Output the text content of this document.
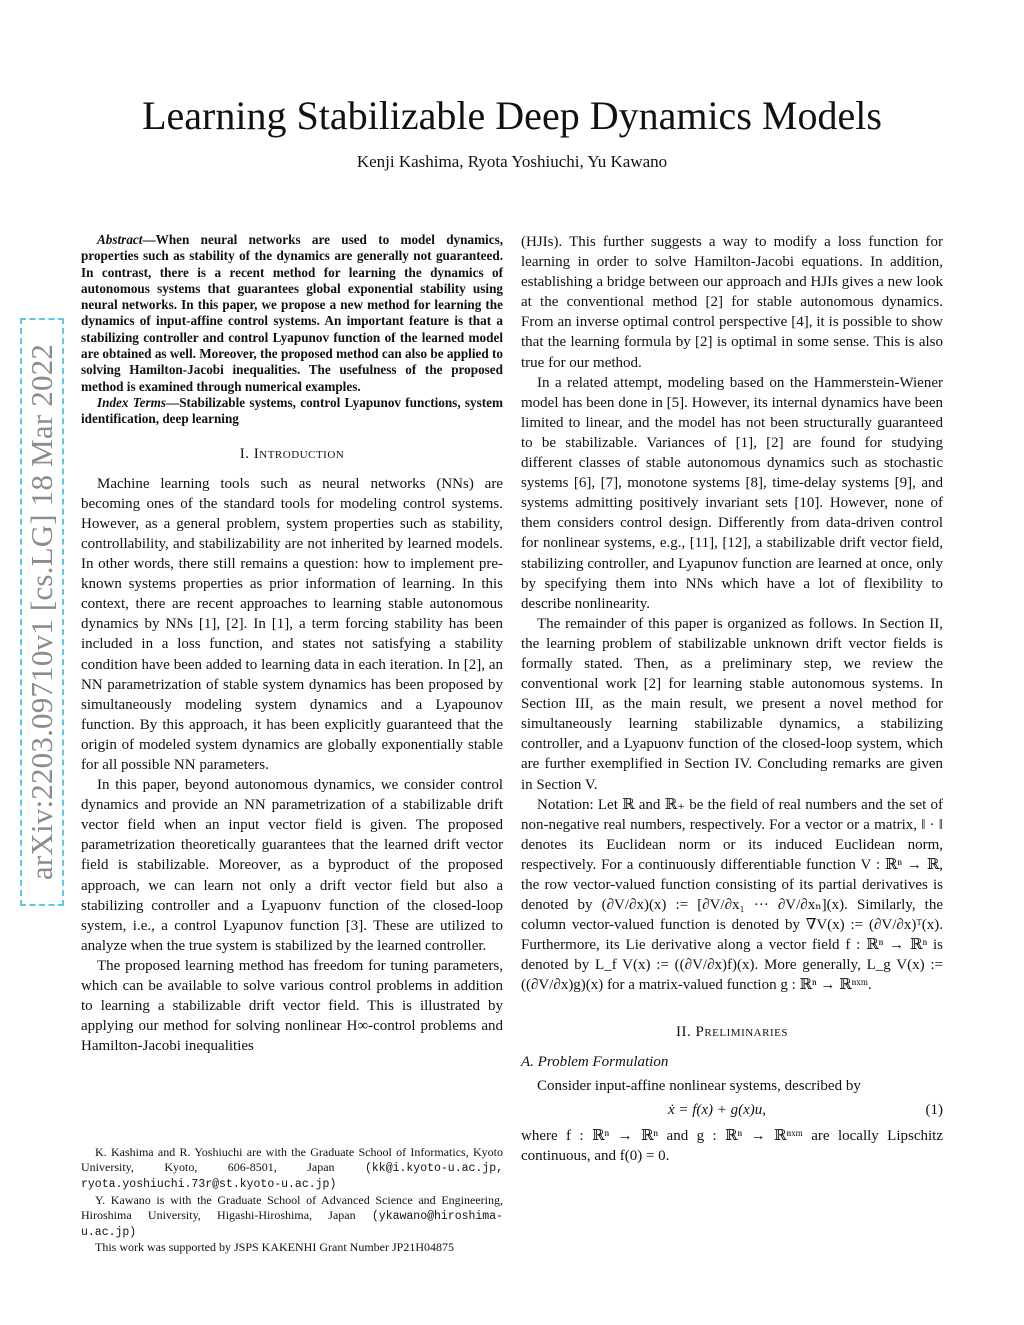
arXiv:2203.09710v1 [cs.LG] 18 Mar 2022
Learning Stabilizable Deep Dynamics Models
Kenji Kashima, Ryota Yoshiuchi, Yu Kawano

Abstract—When neural networks are used to model dynamics, properties such as stability of the dynamics are generally not guaranteed. In contrast, there is a recent method for learning the dynamics of autonomous systems that guarantees global exponential stability using neural networks. In this paper, we propose a new method for learning the dynamics of input-affine control systems. An important feature is that a stabilizing controller and control Lyapunov function of the learned model are obtained as well. Moreover, the proposed method can also be applied to solving Hamilton-Jacobi inequalities. The usefulness of the proposed method is examined through numerical examples.

Index Terms—Stabilizable systems, control Lyapunov functions, system identification, deep learning

I. Introduction

Machine learning tools such as neural networks (NNs) are becoming ones of the standard tools for modeling control systems. However, as a general problem, system properties such as stability, controllability, and stabilizability are not inherited by learned models. In other words, there still remains a question: how to implement pre-known systems properties as prior information of learning. In this context, there are recent approaches to learning stable autonomous dynamics by NNs [1], [2]. In [1], a term forcing stability has been included in a loss function, and states not satisfying a stability condition have been added to learning data in each iteration. In [2], an NN parametrization of stable system dynamics has been proposed by simultaneously modeling system dynamics and a Lyapounov function. By this approach, it has been explicitly guaranteed that the origin of modeled system dynamics are globally exponentially stable for all possible NN parameters.

In this paper, beyond autonomous dynamics, we consider control dynamics and provide an NN parametrization of a stabilizable drift vector field when an input vector field is given. The proposed parametrization theoretically guarantees that the learned drift vector field is stabilizable. Moreover, as a byproduct of the proposed approach, we can learn not only a drift vector field but also a stabilizing controller and a Lyapuonv function of the closed-loop system, i.e., a control Lyapunov function [3]. These are utilized to analyze when the true system is stabilized by the learned controller.

The proposed learning method has freedom for tuning parameters, which can be available to solve various control problems in addition to learning a stabilizable drift vector field. This is illustrated by applying our method for solving nonlinear H∞-control problems and Hamilton-Jacobi inequalities

K. Kashima and R. Yoshiuchi are with the Graduate School of Informatics, Kyoto University, Kyoto, 606-8501, Japan	(kk@i.kyoto-u.ac.jp, ryota.yoshiuchi.73r@st.kyoto-u.ac.jp)

Y. Kawano is with the Graduate School of Advanced Science and Engineering, Hiroshima University, Higashi-Hiroshima, Japan (ykawano@hiroshima-u.ac.jp)

This work was supported by JSPS KAKENHI Grant Number JP21H04875

(HJIs). This further suggests a way to modify a loss function for learning in order to solve Hamilton-Jacobi equations. In addition, establishing a bridge between our approach and HJIs gives a new look at the conventional method [2] for stable autonomous dynamics. From an inverse optimal control perspective [4], it is possible to show that the learning formula by [2] is optimal in some sense. This is also true for our method.

In a related attempt, modeling based on the Hammerstein-Wiener model has been done in [5]. However, its internal dynamics have been limited to linear, and the model has not been structurally guaranteed to be stabilizable. Variances of [1], [2] are found for studying different classes of stable autonomous dynamics such as stochastic systems [6], [7], monotone systems [8], time-delay systems [9], and systems admitting positively invariant sets [10]. However, none of them considers control design. Differently from data-driven control for nonlinear systems, e.g., [11], [12], a stabilizable drift vector field, stabilizing controller, and Lyapunov function are learned at once, only by specifying them into NNs which have a lot of flexibility to describe nonlinearity.

The remainder of this paper is organized as follows. In Section II, the learning problem of stabilizable unknown drift vector fields is formally stated. Then, as a preliminary step, we review the conventional work [2] for learning stable autonomous systems. In Section III, as the main result, we present a novel method for simultaneously learning stabilizable dynamics, a stabilizing controller, and a Lyapuonv function of the closed-loop system, which are further exemplified in Section IV. Concluding remarks are given in Section V.

Notation: Let ℝ and ℝ₊ be the field of real numbers and the set of non-negative real numbers, respectively. For a vector or a matrix, ‖ · ‖ denotes its Euclidean norm or its induced Euclidean norm, respectively. For a continuously differentiable function V : ℝⁿ → ℝ, the row vector-valued function consisting of its partial derivatives is denoted by (∂V/∂x)(x) := [∂V/∂x₁ ··· ∂V/∂xₙ](x). Similarly, the column vector-valued function is denoted by ∇V(x) := (∂V/∂x)ᵀ(x). Furthermore, its Lie derivative along a vector field f : ℝⁿ → ℝⁿ is denoted by L_f V(x) := ((∂V/∂x)f)(x). More generally, L_g V(x) := ((∂V/∂x)g)(x) for a matrix-valued function g : ℝⁿ → ℝⁿˣᵐ.

II. Preliminaries

A. Problem Formulation

Consider input-affine nonlinear systems, described by

ẋ = f(x) + g(x)u,	(1)

where f : ℝⁿ → ℝⁿ and g : ℝⁿ → ℝⁿˣᵐ are locally Lipschitz continuous, and f(0) = 0.
